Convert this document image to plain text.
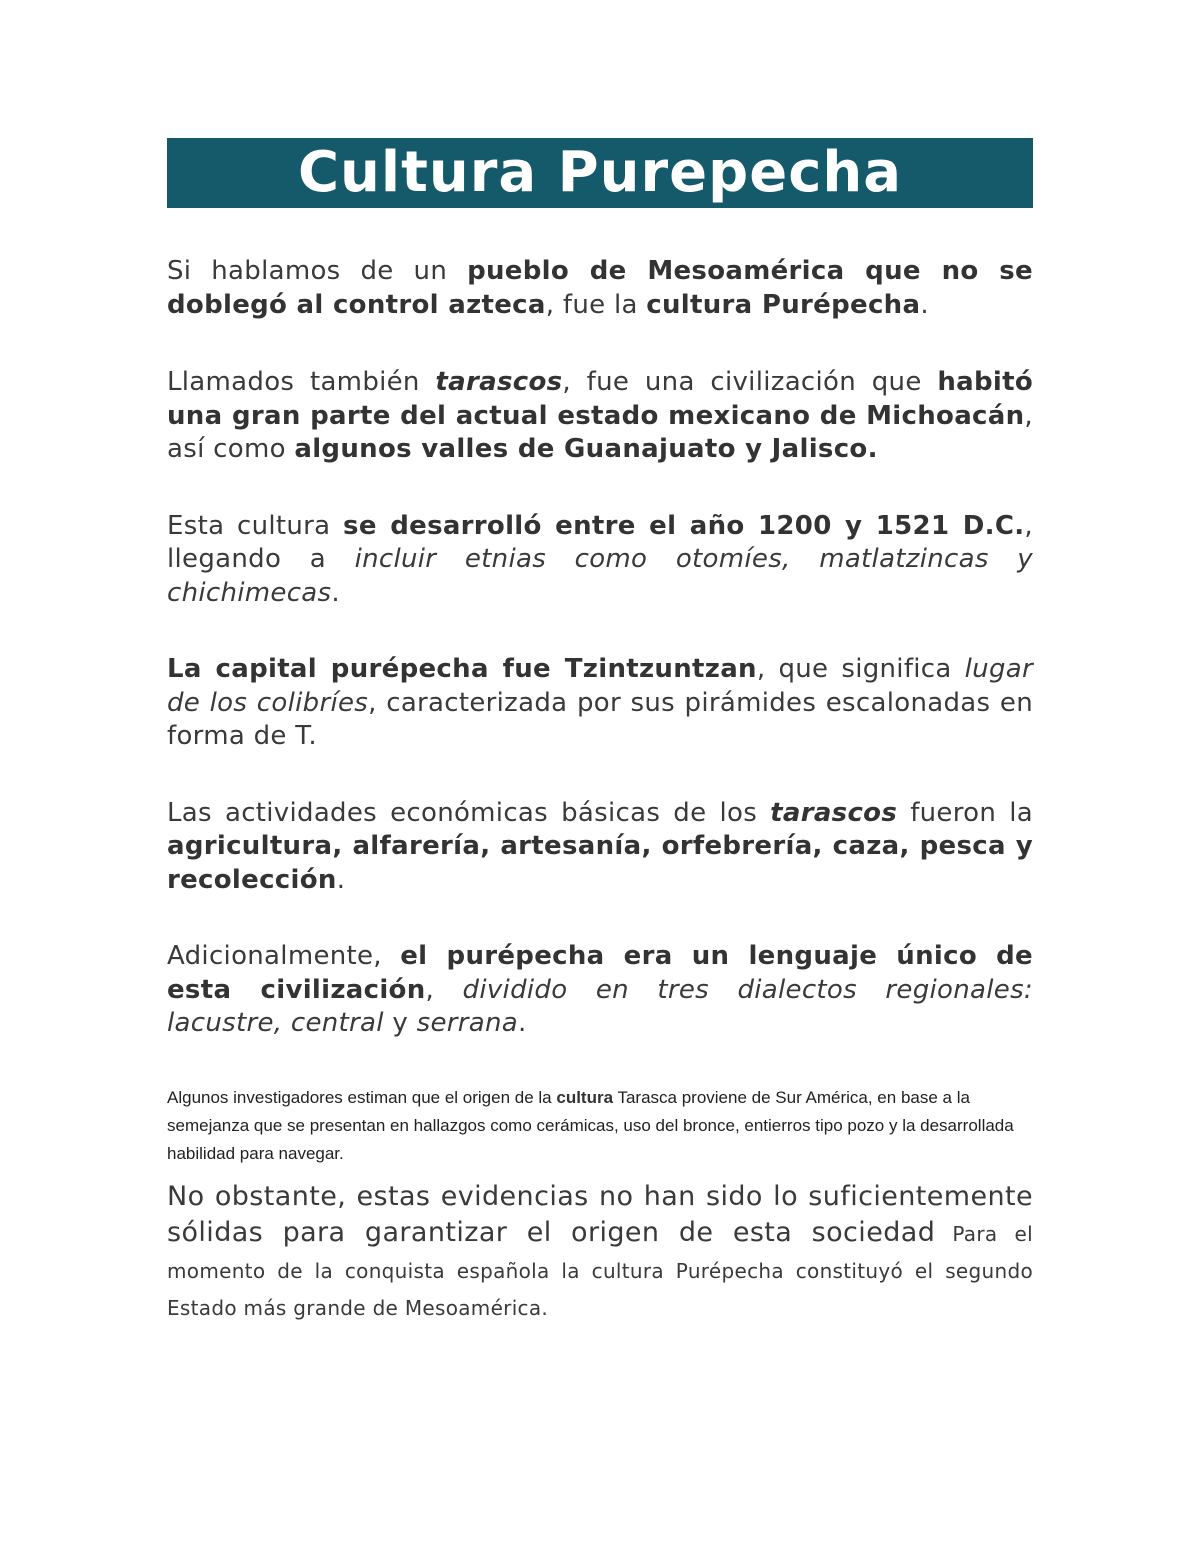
Cultura Purepecha

Si hablamos de un pueblo de Mesoamérica que no se doblegó al control azteca, fue la cultura Purépecha.

Llamados también tarascos, fue una civilización que habitó una gran parte del actual estado mexicano de Michoacán, así como algunos valles de Guanajuato y Jalisco.

Esta cultura se desarrolló entre el año 1200 y 1521 D.C., llegando a incluir etnias como otomíes, matlatzincas y chichimecas.

La capital purépecha fue Tzintzuntzan, que significa lugar de los colibríes, caracterizada por sus pirámides escalonadas en forma de T.

Las actividades económicas básicas de los tarascos fueron la agricultura, alfarería, artesanía, orfebrería, caza, pesca y recolección.

Adicionalmente, el purépecha era un lenguaje único de esta civilización, dividido en tres dialectos regionales: lacustre, central y serrana.

Algunos investigadores estiman que el origen de la cultura Tarasca proviene de Sur América, en base a la semejanza que se presentan en hallazgos como cerámicas, uso del bronce, entierros tipo pozo y la desarrollada habilidad para navegar.

No obstante, estas evidencias no han sido lo suficientemente sólidas para garantizar el origen de esta sociedad Para el momento de la conquista española la cultura Purépecha constituyó el segundo Estado más grande de Mesoamérica.
